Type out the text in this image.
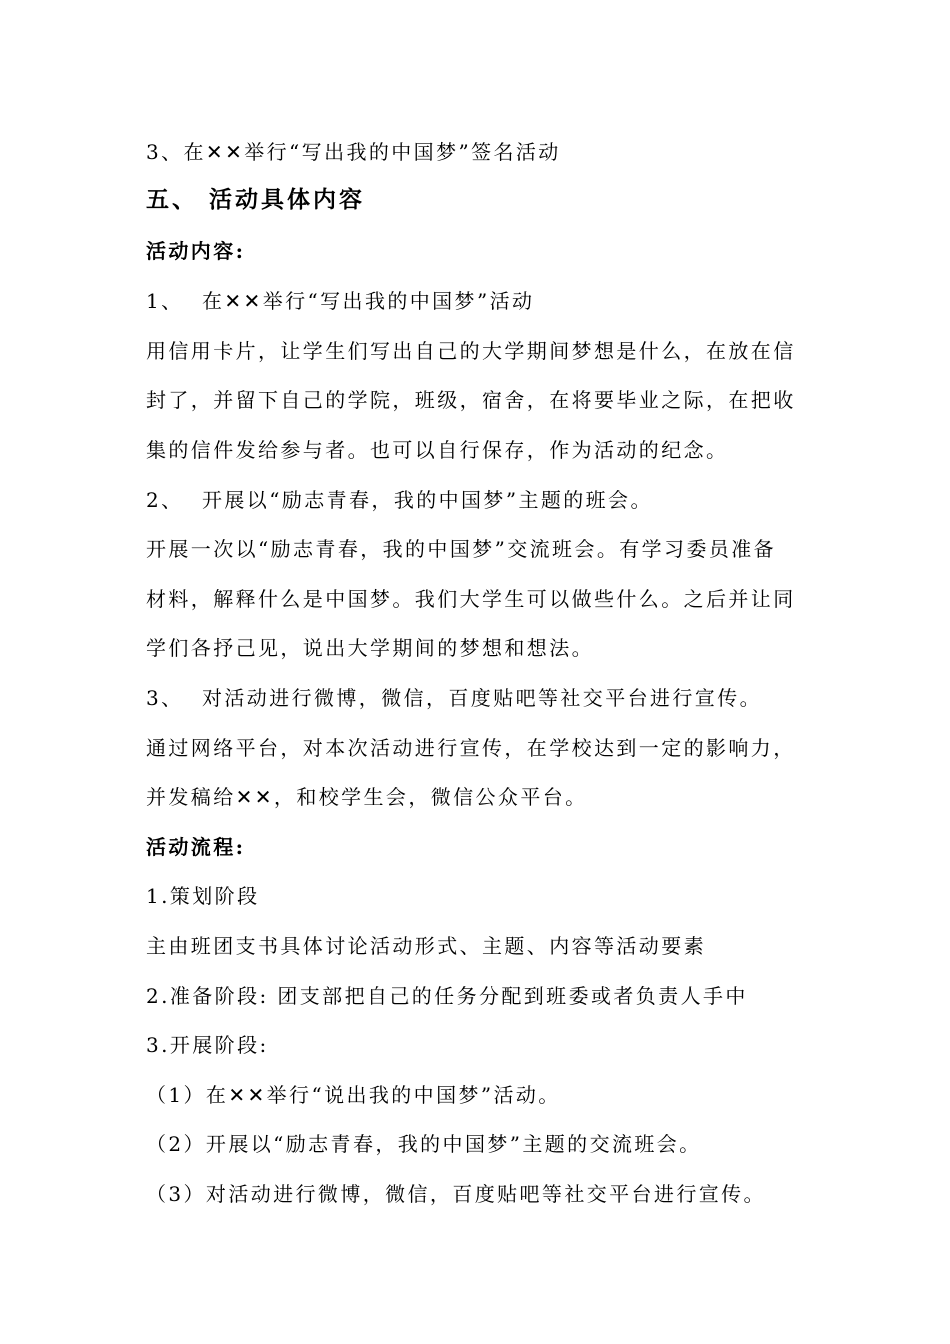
3、在✕✕举行“写出我的中国梦”签名活动
五、 活动具体内容
活动内容:
1、 在✕✕举行“写出我的中国梦”活动
用信用卡片，让学生们写出自己的大学期间梦想是什么，在放在信
封了，并留下自己的学院，班级，宿舍，在将要毕业之际，在把收
集的信件发给参与者。也可以自行保存，作为活动的纪念。
2、 开展以“励志青春，我的中国梦”主题的班会。
开展一次以“励志青春，我的中国梦”交流班会。有学习委员准备
材料，解释什么是中国梦。我们大学生可以做些什么。之后并让同
学们各抒己见，说出大学期间的梦想和想法。
3、 对活动进行微博，微信，百度贴吧等社交平台进行宣传。
通过网络平台，对本次活动进行宣传，在学校达到一定的影响力，
并发稿给✕✕，和校学生会，微信公众平台。
活动流程:
1.策划阶段
主由班团支书具体讨论活动形式、主题、内容等活动要素
2.准备阶段: 团支部把自己的任务分配到班委或者负责人手中
3.开展阶段:
（1）在✕✕举行“说出我的中国梦”活动。
（2）开展以“励志青春，我的中国梦”主题的交流班会。
（3）对活动进行微博，微信，百度贴吧等社交平台进行宣传。
